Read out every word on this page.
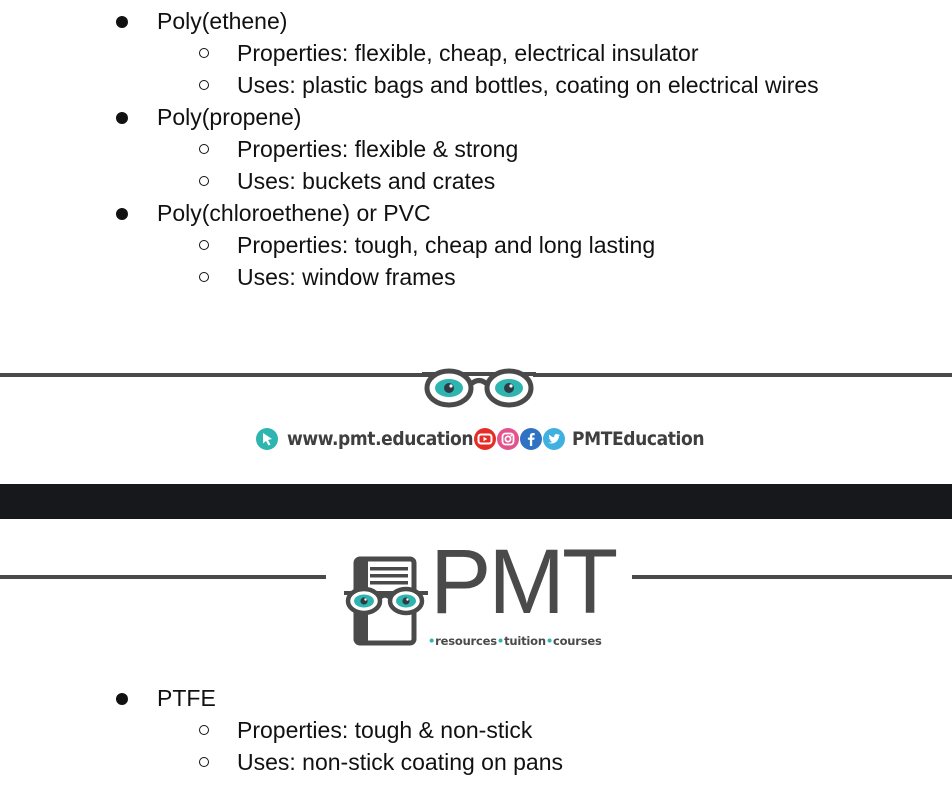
Poly(ethene)
Properties: flexible, cheap, electrical insulator
Uses: plastic bags and bottles, coating on electrical wires
Poly(propene)
Properties: flexible & strong
Uses: buckets and crates
Poly(chloroethene) or PVC
Properties: tough, cheap and long lasting
Uses: window frames
www.pmt.education	PMTEducation
PMT
•resources•tuition•courses
PTFE
Properties: tough & non-stick
Uses: non-stick coating on pans
